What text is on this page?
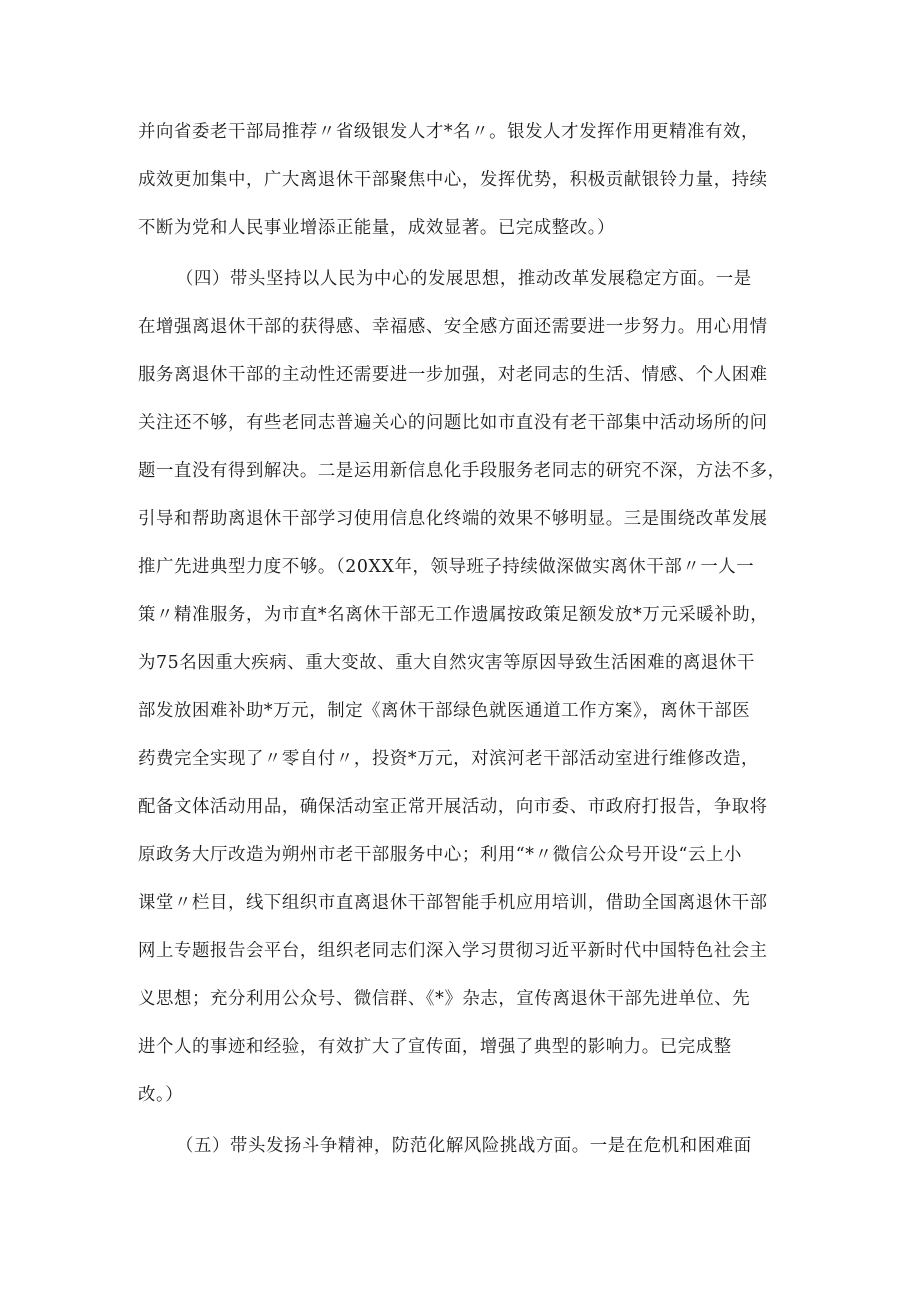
并向省委老干部局推荐〃省级银发人才*名〃。银发人才发挥作用更精准有效，
成效更加集中，广大离退休干部聚焦中心，发挥优势，积极贡献银铃力量，持续
不断为党和人民事业增添正能量，成效显著。已完成整改。）
（四）带头坚持以人民为中心的发展思想，推动改革发展稳定方面。一是
在增强离退休干部的获得感、幸福感、安全感方面还需要进一步努力。用心用情
服务离退休干部的主动性还需要进一步加强，对老同志的生活、情感、个人困难
关注还不够，有些老同志普遍关心的问题比如市直没有老干部集中活动场所的问
题一直没有得到解决。二是运用新信息化手段服务老同志的研究不深，方法不多，
引导和帮助离退休干部学习使用信息化终端的效果不够明显。三是围绕改革发展
推广先进典型力度不够。（20XX年，领导班子持续做深做实离休干部〃一人一
策〃精准服务，为市直*名离休干部无工作遗属按政策足额发放*万元采暖补助，
为75名因重大疾病、重大变故、重大自然灾害等原因导致生活困难的离退休干
部发放困难补助*万元，制定《离休干部绿色就医通道工作方案》，离休干部医
药费完全实现了〃零自付〃，投资*万元，对滨河老干部活动室进行维修改造，
配备文体活动用品，确保活动室正常开展活动，向市委、市政府打报告，争取将
原政务大厅改造为朔州市老干部服务中心；利用“*〃微信公众号开设“云上小
课堂〃栏目，线下组织市直离退休干部智能手机应用培训，借助全国离退休干部
网上专题报告会平台，组织老同志们深入学习贯彻习近平新时代中国特色社会主
义思想；充分利用公众号、微信群、《*》杂志，宣传离退休干部先进单位、先
进个人的事迹和经验，有效扩大了宣传面，增强了典型的影响力。已完成整
改。）
（五）带头发扬斗争精神，防范化解风险挑战方面。一是在危机和困难面
